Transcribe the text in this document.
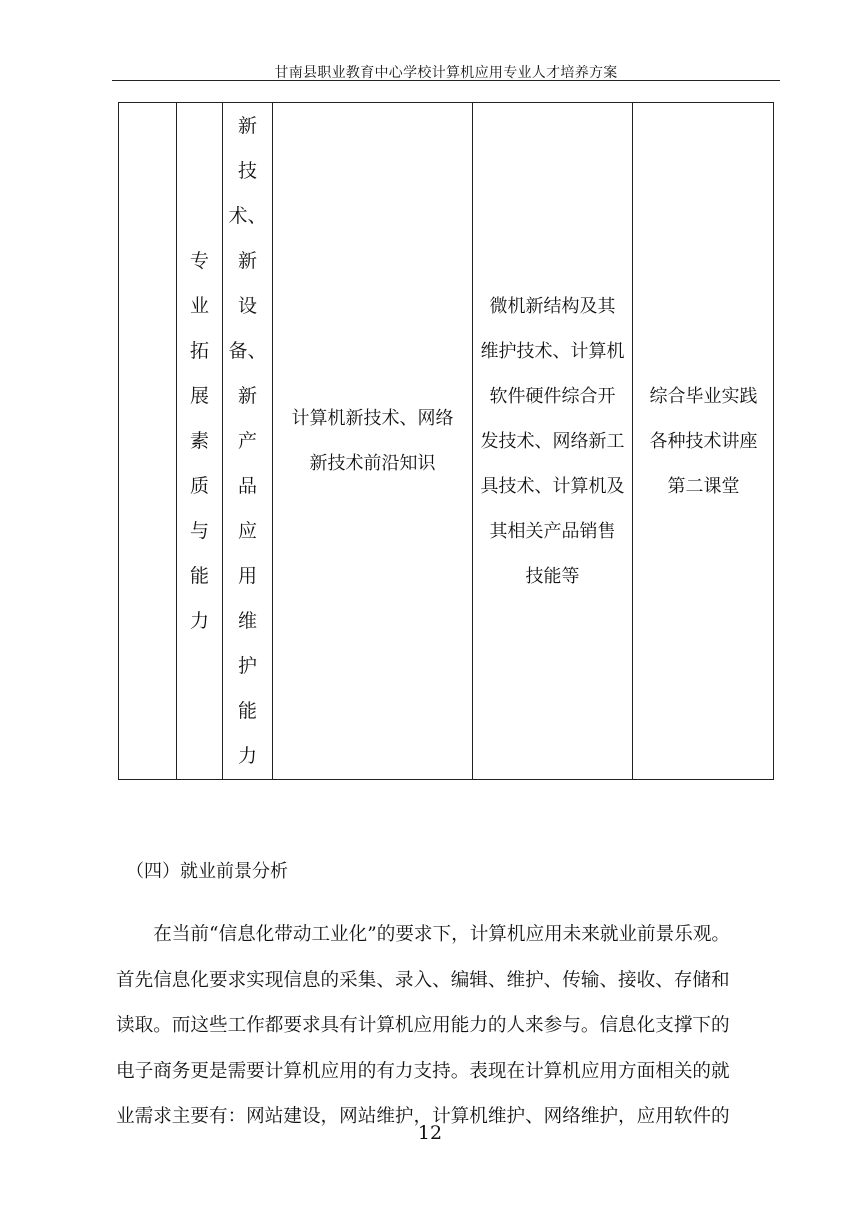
甘南县职业教育中心学校计算机应用专业人才培养方案
专
业
拓
展
素
质
与
能
力
新
技
术、
新
设
备、
新
产
品
应
用
维
护
能
力
计算机新技术、网络
新技术前沿知识
微机新结构及其
维护技术、计算机
软件硬件综合开
发技术、网络新工
具技术、计算机及
其相关产品销售
技能等
综合毕业实践
各种技术讲座
第二课堂
（四）就业前景分析
　　在当前“信息化带动工业化”的要求下，计算机应用未来就业前景乐观。
首先信息化要求实现信息的采集、录入、编辑、维护、传输、接收、存储和
读取。而这些工作都要求具有计算机应用能力的人来参与。信息化支撑下的
电子商务更是需要计算机应用的有力支持。表现在计算机应用方面相关的就
业需求主要有：网站建设，网站维护，计算机维护、网络维护，应用软件的
12
